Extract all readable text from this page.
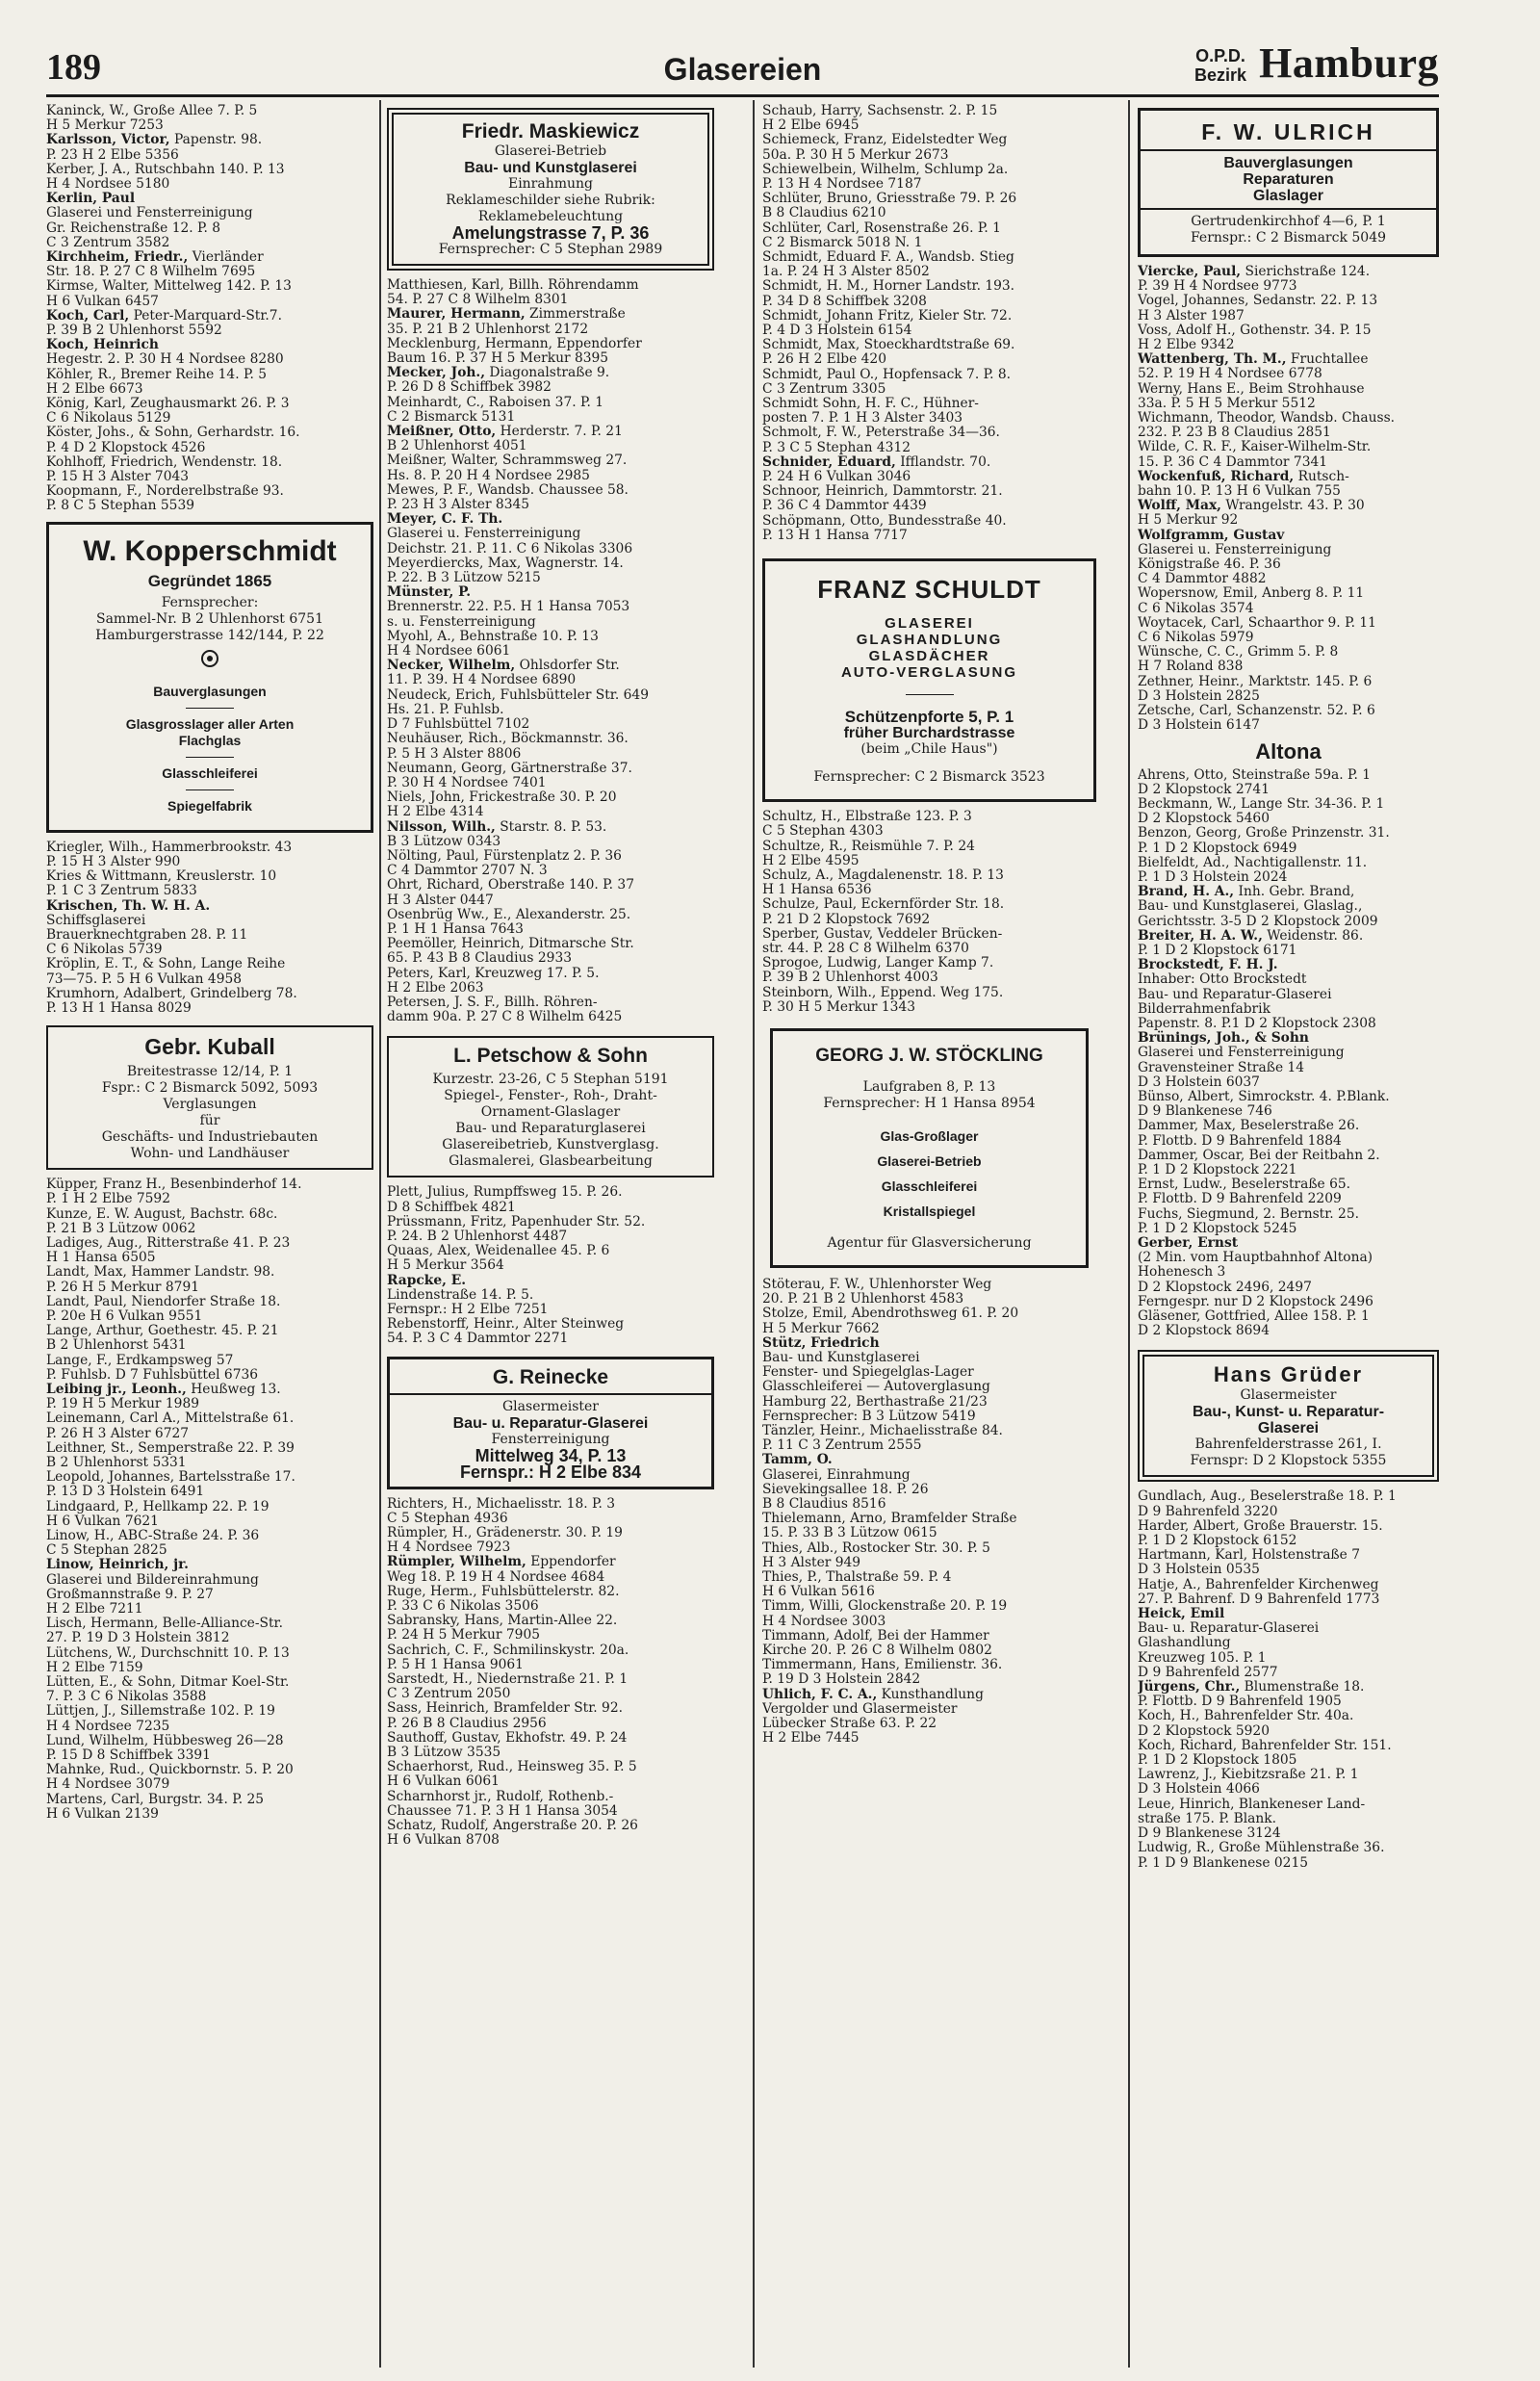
189	Glasereien	O.P.D.
Bezirk Hamburg
Kaninck, W., Große Allee 7. P. 5
H 5 Merkur 7253
Karlsson, Victor, Papenstr. 98.
P. 23 H 2 Elbe 5356
Kerber, J. A., Rutschbahn 140. P. 13
H 4 Nordsee 5180
Kerlin, Paul
Glaserei und Fensterreinigung
Gr. Reichenstraße 12. P. 8
C 3 Zentrum 3582
Kirchheim, Friedr., Vierländer
Str. 18. P. 27 C 8 Wilhelm 7695
Kirmse, Walter, Mittelweg 142. P. 13
H 6 Vulkan 6457
Koch, Carl, Peter-Marquard-Str.7.
P. 39 B 2 Uhlenhorst 5592
Koch, Heinrich
Hegestr. 2. P. 30 H 4 Nordsee 8280
Köhler, R., Bremer Reihe 14. P. 5
H 2 Elbe 6673
König, Karl, Zeughausmarkt 26. P. 3
C 6 Nikolaus 5129
Köster, Johs., & Sohn, Gerhardstr. 16.
P. 4 D 2 Klopstock 4526
Kohlhoff, Friedrich, Wendenstr. 18.
P. 15 H 3 Alster 7043
Koopmann, F., Norderelbstraße 93.
P. 8 C 5 Stephan 5539
W. Kopperschmidt
Gegründet 1865
Fernsprecher:
Sammel-Nr. B 2 Uhlenhorst 6751
Hamburgerstrasse 142/144, P. 22
Bauverglasungen
Glasgrosslager aller Arten
Flachglas
Glasschleiferei
Spiegelfabrik
Kriegler, Wilh., Hammerbrookstr. 43
P. 15 H 3 Alster 990
Kries & Wittmann, Kreuslerstr. 10
P. 1 C 3 Zentrum 5833
Krischen, Th. W. H. A.
Schiffsglaserei
Brauerknechtgraben 28. P. 11
C 6 Nikolas 5739
Kröplin, E. T., & Sohn, Lange Reihe
73—75. P. 5 H 6 Vulkan 4958
Krumhorn, Adalbert, Grindelberg 78.
P. 13 H 1 Hansa 8029
Gebr. Kuball
Breitestrasse 12/14, P. 1
Fspr.: C 2 Bismarck 5092, 5093
Verglasungen
für
Geschäfts- und Industriebauten
Wohn- und Landhäuser
Küpper, Franz H., Besenbinderhof 14.
P. 1 H 2 Elbe 7592
Kunze, E. W. August, Bachstr. 68c.
P. 21 B 3 Lützow 0062
Ladiges, Aug., Ritterstraße 41. P. 23
H 1 Hansa 6505
Landt, Max, Hammer Landstr. 98.
P. 26 H 5 Merkur 8791
Landt, Paul, Niendorfer Straße 18.
P. 20e H 6 Vulkan 9551
Lange, Arthur, Goethestr. 45. P. 21
B 2 Uhlenhorst 5431
Lange, F., Erdkampsweg 57
P. Fuhlsb. D 7 Fuhlsbüttel 6736
Leibing jr., Leonh., Heußweg 13.
P. 19 H 5 Merkur 1989
Leinemann, Carl A., Mittelstraße 61.
P. 26 H 3 Alster 6727
Leithner, St., Semperstraße 22. P. 39
B 2 Uhlenhorst 5331
Leopold, Johannes, Bartelsstraße 17.
P. 13 D 3 Holstein 6491
Lindgaard, P., Hellkamp 22. P. 19
H 6 Vulkan 7621
Linow, H., ABC-Straße 24. P. 36
C 5 Stephan 2825
Linow, Heinrich, jr.
Glaserei und Bildereinrahmung
Großmannstraße 9. P. 27
H 2 Elbe 7211
Lisch, Hermann, Belle-Alliance-Str.
27. P. 19 D 3 Holstein 3812
Lütchens, W., Durchschnitt 10. P. 13
H 2 Elbe 7159
Lütten, E., & Sohn, Ditmar Koel-Str.
7. P. 3 C 6 Nikolas 3588
Lüttjen, J., Sillemstraße 102. P. 19
H 4 Nordsee 7235
Lund, Wilhelm, Hübbesweg 26—28
P. 15 D 8 Schiffbek 3391
Mahnke, Rud., Quickbornstr. 5. P. 20
H 4 Nordsee 3079
Martens, Carl, Burgstr. 34. P. 25
H 6 Vulkan 2139
Friedr. Maskiewicz
Glaserei-Betrieb
Bau- und Kunstglaserei
Einrahmung
Reklameschilder siehe Rubrik:
Reklamebeleuchtung
Amelungstrasse 7, P. 36
Fernsprecher: C 5 Stephan 2989
Matthiesen, Karl, Billh. Röhrendamm
54. P. 27 C 8 Wilhelm 8301
Maurer, Hermann, Zimmerstraße
35. P. 21 B 2 Uhlenhorst 2172
Mecklenburg, Hermann, Eppendorfer
Baum 16. P. 37 H 5 Merkur 8395
Mecker, Joh., Diagonalstraße 9.
P. 26 D 8 Schiffbek 3982
Meinhardt, C., Raboisen 37. P. 1
C 2 Bismarck 5131
Meißner, Otto, Herderstr. 7. P. 21
B 2 Uhlenhorst 4051
Meißner, Walter, Schrammsweg 27.
Hs. 8. P. 20 H 4 Nordsee 2985
Mewes, P. F., Wandsb. Chaussee 58.
P. 23 H 3 Alster 8345
Meyer, C. F. Th.
Glaserei u. Fensterreinigung
Deichstr. 21. P. 11. C 6 Nikolas 3306
Meyerdiercks, Max, Wagnerstr. 14.
P. 22. B 3 Lützow 5215
Münster, P.
Brennerstr. 22. P.5. H 1 Hansa 7053
s. u. Fensterreinigung
Myohl, A., Behnstraße 10. P. 13
H 4 Nordsee 6061
Necker, Wilhelm, Ohlsdorfer Str.
11. P. 39. H 4 Nordsee 6890
Neudeck, Erich, Fuhlsbütteler Str. 649
Hs. 21. P. Fuhlsb.
D 7 Fuhlsbüttel 7102
Neuhäuser, Rich., Böckmannstr. 36.
P. 5 H 3 Alster 8806
Neumann, Georg, Gärtnerstraße 37.
P. 30 H 4 Nordsee 7401
Niels, John, Frickestraße 30. P. 20
H 2 Elbe 4314
Nilsson, Wilh., Starstr. 8. P. 53.
B 3 Lützow 0343
Nölting, Paul, Fürstenplatz 2. P. 36
C 4 Dammtor 2707 N. 3
Ohrt, Richard, Oberstraße 140. P. 37
H 3 Alster 0447
Osenbrüg Ww., E., Alexanderstr. 25.
P. 1 H 1 Hansa 7643
Peemöller, Heinrich, Ditmarsche Str.
65. P. 43 B 8 Claudius 2933
Peters, Karl, Kreuzweg 17. P. 5.
H 2 Elbe 2063
Petersen, J. S. F., Billh. Röhren-
damm 90a. P. 27 C 8 Wilhelm 6425
L. Petschow & Sohn
Kurzestr. 23-26, C 5 Stephan 5191
Spiegel-, Fenster-, Roh-, Draht-
Ornament-Glaslager
Bau- und Reparaturglaserei
Glasereibetrieb, Kunstverglasg.
Glasmalerei, Glasbearbeitung
Plett, Julius, Rumpffsweg 15. P. 26.
D 8 Schiffbek 4821
Prüssmann, Fritz, Papenhuder Str. 52.
P. 24. B 2 Uhlenhorst 4487
Quaas, Alex, Weidenallee 45. P. 6
H 5 Merkur 3564
Rapcke, E.
Lindenstraße 14. P. 5.
Fernspr.: H 2 Elbe 7251
Rebenstorff, Heinr., Alter Steinweg
54. P. 3 C 4 Dammtor 2271
G. Reinecke
Glasermeister
Bau- u. Reparatur-Glaserei
Fensterreinigung
Mittelweg 34, P. 13
Fernspr.: H 2 Elbe 834
Richters, H., Michaelisstr. 18. P. 3
C 5 Stephan 4936
Rümpler, H., Grädenerstr. 30. P. 19
H 4 Nordsee 7923
Rümpler, Wilhelm, Eppendorfer
Weg 18. P. 19 H 4 Nordsee 4684
Ruge, Herm., Fuhlsbüttelerstr. 82.
P. 33 C 6 Nikolas 3506
Sabransky, Hans, Martin-Allee 22.
P. 24 H 5 Merkur 7905
Sachrich, C. F., Schmilinskystr. 20a.
P. 5 H 1 Hansa 9061
Sarstedt, H., Niedernstraße 21. P. 1
C 3 Zentrum 2050
Sass, Heinrich, Bramfelder Str. 92.
P. 26 B 8 Claudius 2956
Sauthoff, Gustav, Ekhofstr. 49. P. 24
B 3 Lützow 3535
Schaerhorst, Rud., Heinsweg 35. P. 5
H 6 Vulkan 6061
Scharnhorst jr., Rudolf, Rothenb.-
Chaussee 71. P. 3 H 1 Hansa 3054
Schatz, Rudolf, Angerstraße 20. P. 26
H 6 Vulkan 8708
Schaub, Harry, Sachsenstr. 2. P. 15
H 2 Elbe 6945
Schiemeck, Franz, Eidelstedter Weg
50a. P. 30 H 5 Merkur 2673
Schiewelbein, Wilhelm, Schlump 2a.
P. 13 H 4 Nordsee 7187
Schlüter, Bruno, Griesstraße 79. P. 26
B 8 Claudius 6210
Schlüter, Carl, Rosenstraße 26. P. 1
C 2 Bismarck 5018 N. 1
Schmidt, Eduard F. A., Wandsb. Stieg
1a. P. 24 H 3 Alster 8502
Schmidt, H. M., Horner Landstr. 193.
P. 34 D 8 Schiffbek 3208
Schmidt, Johann Fritz, Kieler Str. 72.
P. 4 D 3 Holstein 6154
Schmidt, Max, Stoeckhardtstraße 69.
P. 26 H 2 Elbe 420
Schmidt, Paul O., Hopfensack 7. P. 8.
C 3 Zentrum 3305
Schmidt Sohn, H. F. C., Hühner-
posten 7. P. 1 H 3 Alster 3403
Schmolt, F. W., Peterstraße 34—36.
P. 3 C 5 Stephan 4312
Schnider, Eduard, Ifflandstr. 70.
P. 24 H 6 Vulkan 3046
Schnoor, Heinrich, Dammtorstr. 21.
P. 36 C 4 Dammtor 4439
Schöpmann, Otto, Bundesstraße 40.
P. 13 H 1 Hansa 7717
FRANZ SCHULDT
GLASEREI
GLASHANDLUNG
GLASDÄCHER
AUTO-VERGLASUNG
Schützenpforte 5, P. 1
früher Burchardstrasse
(beim „Chile Haus")
Fernsprecher: C 2 Bismarck 3523
Schultz, H., Elbstraße 123. P. 3
C 5 Stephan 4303
Schultze, R., Reismühle 7. P. 24
H 2 Elbe 4595
Schulz, A., Magdalenenstr. 18. P. 13
H 1 Hansa 6536
Schulze, Paul, Eckernförder Str. 18.
P. 21 D 2 Klopstock 7692
Sperber, Gustav, Veddeler Brücken-
str. 44. P. 28 C 8 Wilhelm 6370
Sprogoe, Ludwig, Langer Kamp 7.
P. 39 B 2 Uhlenhorst 4003
Steinborn, Wilh., Eppend. Weg 175.
P. 30 H 5 Merkur 1343
GEORG J. W. STÖCKLING
Laufgraben 8, P. 13
Fernsprecher: H 1 Hansa 8954
Glas-Großlager
Glaserei-Betrieb
Glasschleiferei
Kristallspiegel
Agentur für Glasversicherung
Stöterau, F. W., Uhlenhorster Weg
20. P. 21 B 2 Uhlenhorst 4583
Stolze, Emil, Abendrothsweg 61. P. 20
H 5 Merkur 7662
Stütz, Friedrich
Bau- und Kunstglaserei
Fenster- und Spiegelglas-Lager
Glasschleiferei — Autoverglasung
Hamburg 22, Berthastraße 21/23
Fernsprecher: B 3 Lützow 5419
Tänzler, Heinr., Michaelisstraße 84.
P. 11 C 3 Zentrum 2555
Tamm, O.
Glaserei, Einrahmung
Sievekingsallee 18. P. 26
B 8 Claudius 8516
Thielemann, Arno, Bramfelder Straße
15. P. 33 B 3 Lützow 0615
Thies, Alb., Rostocker Str. 30. P. 5
H 3 Alster 949
Thies, P., Thalstraße 59. P. 4
H 6 Vulkan 5616
Timm, Willi, Glockenstraße 20. P. 19
H 4 Nordsee 3003
Timmann, Adolf, Bei der Hammer
Kirche 20. P. 26 C 8 Wilhelm 0802
Timmermann, Hans, Emilienstr. 36.
P. 19 D 3 Holstein 2842
Uhlich, F. C. A., Kunsthandlung
Vergolder und Glasermeister
Lübecker Straße 63. P. 22
H 2 Elbe 7445
F. W. ULRICH
Bauverglasungen
Reparaturen
Glaslager
Gertrudenkirchhof 4—6, P. 1
Fernspr.: C 2 Bismarck 5049
Viercke, Paul, Sierichstraße 124.
P. 39 H 4 Nordsee 9773
Vogel, Johannes, Sedanstr. 22. P. 13
H 3 Alster 1987
Voss, Adolf H., Gothenstr. 34. P. 15
H 2 Elbe 9342
Wattenberg, Th. M., Fruchtallee
52. P. 19 H 4 Nordsee 6778
Werny, Hans E., Beim Strohhause
33a. P. 5 H 5 Merkur 5512
Wichmann, Theodor, Wandsb. Chauss.
232. P. 23 B 8 Claudius 2851
Wilde, C. R. F., Kaiser-Wilhelm-Str.
15. P. 36 C 4 Dammtor 7341
Wockenfuß, Richard, Rutsch-
bahn 10. P. 13 H 6 Vulkan 755
Wolff, Max, Wrangelstr. 43. P. 30
H 5 Merkur 92
Wolfgramm, Gustav
Glaserei u. Fensterreinigung
Königstraße 46. P. 36
C 4 Dammtor 4882
Wopersnow, Emil, Anberg 8. P. 11
C 6 Nikolas 3574
Woytacek, Carl, Schaarthor 9. P. 11
C 6 Nikolas 5979
Wünsche, C. C., Grimm 5. P. 8
H 7 Roland 838
Zethner, Heinr., Marktstr. 145. P. 6
D 3 Holstein 2825
Zetsche, Carl, Schanzenstr. 52. P. 6
D 3 Holstein 6147
Altona
Ahrens, Otto, Steinstraße 59a. P. 1
D 2 Klopstock 2741
Beckmann, W., Lange Str. 34-36. P. 1
D 2 Klopstock 5460
Benzon, Georg, Große Prinzenstr. 31.
P. 1 D 2 Klopstock 6949
Bielfeldt, Ad., Nachtigallenstr. 11.
P. 1 D 3 Holstein 2024
Brand, H. A., Inh. Gebr. Brand,
Bau- und Kunstglaserei, Glaslag.,
Gerichtsstr. 3-5 D 2 Klopstock 2009
Breiter, H. A. W., Weidenstr. 86.
P. 1 D 2 Klopstock 6171
Brockstedt, F. H. J.
Inhaber: Otto Brockstedt
Bau- und Reparatur-Glaserei
Bilderrahmenfabrik
Papenstr. 8. P.1 D 2 Klopstock 2308
Brünings, Joh., & Sohn
Glaserei und Fensterreinigung
Gravensteiner Straße 14
D 3 Holstein 6037
Bünso, Albert, Simrockstr. 4. P.Blank.
D 9 Blankenese 746
Dammer, Max, Beselerstraße 26.
P. Flottb. D 9 Bahrenfeld 1884
Dammer, Oscar, Bei der Reitbahn 2.
P. 1 D 2 Klopstock 2221
Ernst, Ludw., Beselerstraße 65.
P. Flottb. D 9 Bahrenfeld 2209
Fuchs, Siegmund, 2. Bernstr. 25.
P. 1 D 2 Klopstock 5245
Gerber, Ernst
(2 Min. vom Hauptbahnhof Altona)
Hohenesch 3
D 2 Klopstock 2496, 2497
Ferngespr. nur D 2 Klopstock 2496
Gläsener, Gottfried, Allee 158. P. 1
D 2 Klopstock 8694
Hans Grüder
Glasermeister
Bau-, Kunst- u. Reparatur-
Glaserei
Bahrenfelderstrasse 261, I.
Fernspr: D 2 Klopstock 5355
Gundlach, Aug., Beselerstraße 18. P. 1
D 9 Bahrenfeld 3220
Harder, Albert, Große Brauerstr. 15.
P. 1 D 2 Klopstock 6152
Hartmann, Karl, Holstenstraße 7
D 3 Holstein 0535
Hatje, A., Bahrenfelder Kirchenweg
27. P. Bahrenf. D 9 Bahrenfeld 1773
Heick, Emil
Bau- u. Reparatur-Glaserei
Glashandlung
Kreuzweg 105. P. 1
D 9 Bahrenfeld 2577
Jürgens, Chr., Blumenstraße 18.
P. Flottb. D 9 Bahrenfeld 1905
Koch, H., Bahrenfelder Str. 40a.
D 2 Klopstock 5920
Koch, Richard, Bahrenfelder Str. 151.
P. 1 D 2 Klopstock 1805
Lawrenz, J., Kiebitzsraße 21. P. 1
D 3 Holstein 4066
Leue, Hinrich, Blankeneser Land-
straße 175. P. Blank.
D 9 Blankenese 3124
Ludwig, R., Große Mühlenstraße 36.
P. 1 D 9 Blankenese 0215
